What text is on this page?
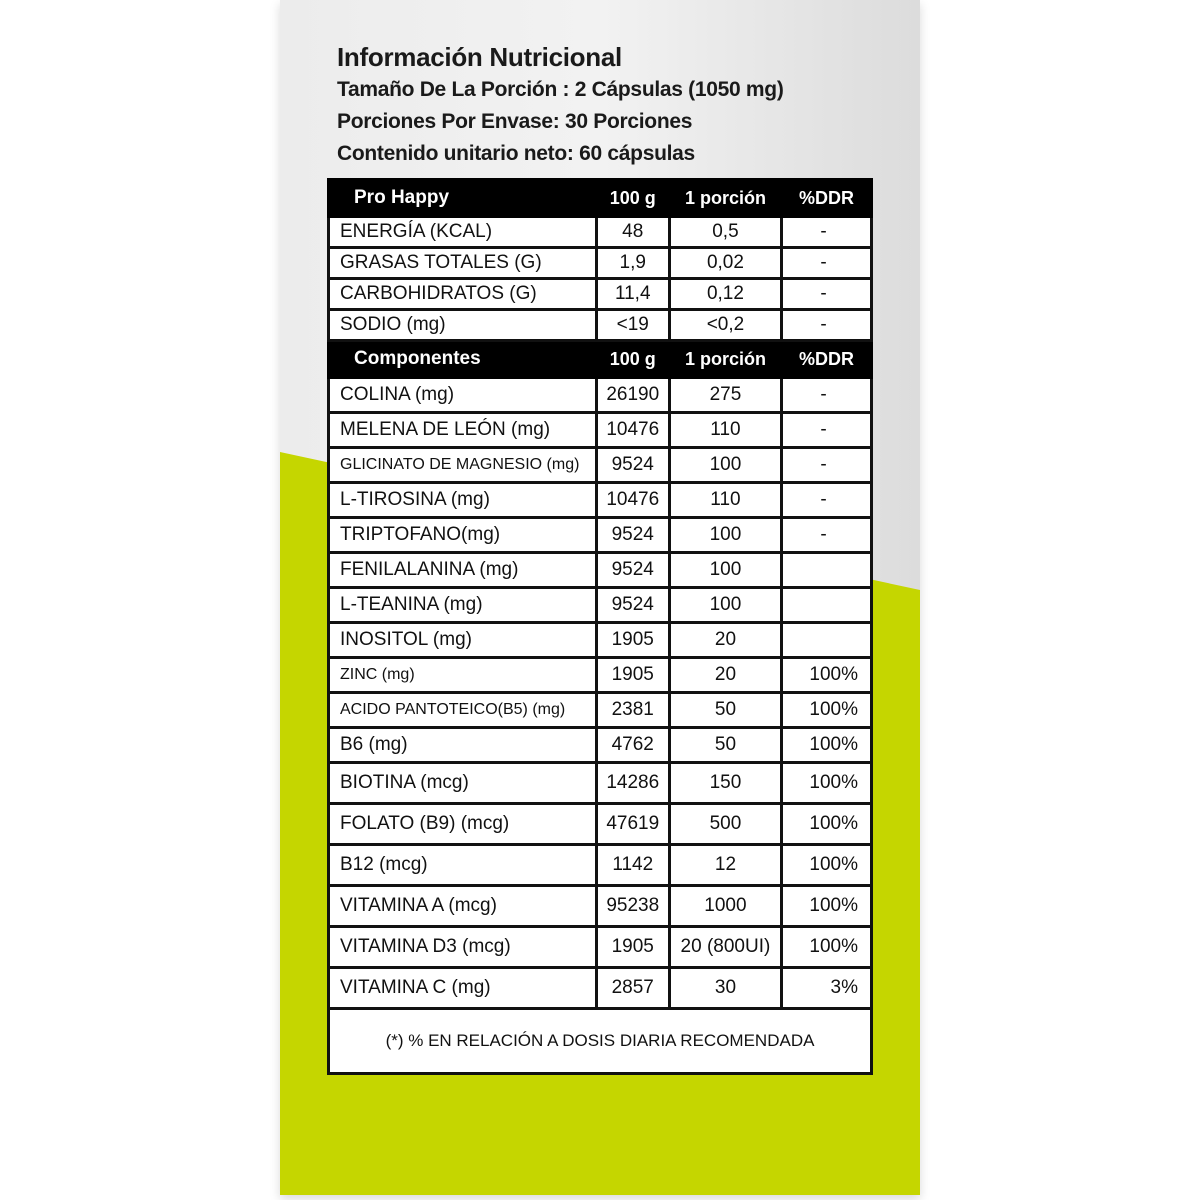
Información Nutricional
Tamaño De La Porción : 2 Cápsulas (1050 mg)
Porciones Por Envase: 30 Porciones
Contenido unitario neto: 60 cápsulas
Pro Happy	100 g	1 porción	%DDR
ENERGÍA (KCAL)	48	0,5	-
GRASAS TOTALES (G)	1,9	0,02	-
CARBOHIDRATOS (G)	11,4	0,12	-
SODIO (mg)	<19	<0,2	-
Componentes	100 g	1 porción	%DDR
COLINA (mg)	26190	275	-
MELENA DE LEÓN (mg)	10476	110	-
GLICINATO DE MAGNESIO (mg)	9524	100	-
L-TIROSINA (mg)	10476	110	-
TRIPTOFANO(mg)	9524	100	-
FENILALANINA (mg)	9524	100	
L-TEANINA (mg)	9524	100	
INOSITOL (mg)	1905	20	
ZINC (mg)	1905	20	100%
ACIDO PANTOTEICO(B5) (mg)	2381	50	100%
B6 (mg)	4762	50	100%
BIOTINA (mcg)	14286	150	100%
FOLATO (B9) (mcg)	47619	500	100%
B12 (mcg)	1142	12	100%
VITAMINA A (mcg)	95238	1000	100%
VITAMINA D3 (mcg)	1905	20 (800UI)	100%
VITAMINA C (mg)	2857	30	3%
(*) % EN RELACIÓN A DOSIS DIARIA RECOMENDADA			
